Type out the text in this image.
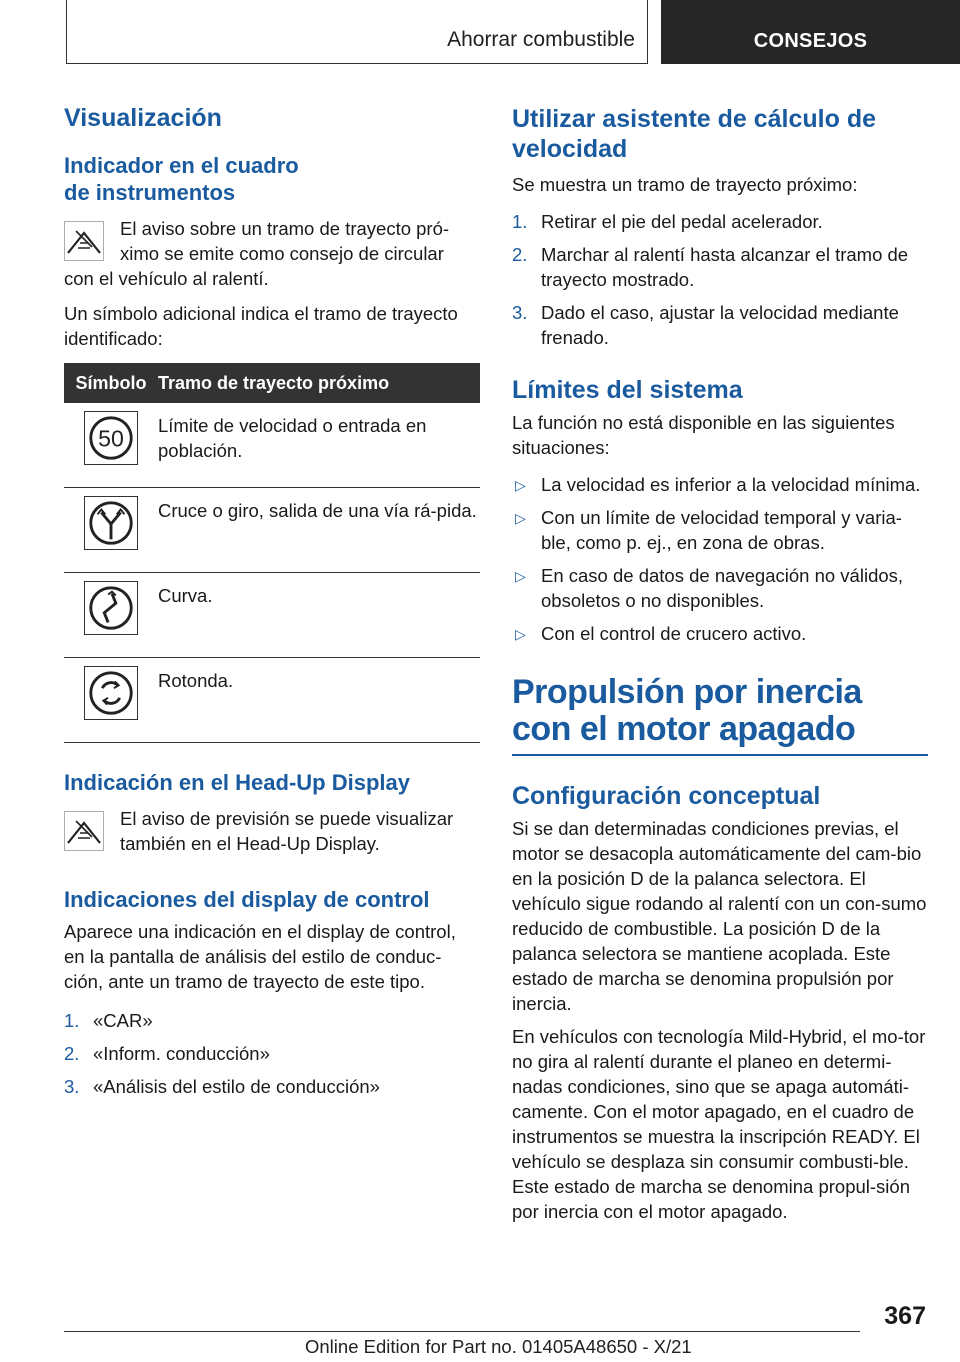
Ahorrar combustible	CONSEJOS
Visualización
Indicador en el cuadro
de instrumentos

El aviso sobre un tramo de trayecto pró-
ximo se emite como consejo de circular

con el vehículo al ralentí.

Un símbolo adicional indica el tramo de trayecto identificado:

Símbolo	Tramo de trayecto próximo

50	Límite de velocidad o entrada en población.
	Cruce o giro, salida de una vía rá-pida.
	Curva.
	Rotonda.
Indicación en el Head-Up Display

El aviso de previsión se puede visualizar también en el Head-Up Display.

Indicaciones del display de control

Aparece una indicación en el display de control, en la pantalla de análisis del estilo de conduc-ción, ante un tramo de trayecto de este tipo.

1. «CAR»
2. «Inform. conducción»
3. «Análisis del estilo de conducción»
Utilizar asistente de cálculo de velocidad

Se muestra un tramo de trayecto próximo:

1. Retirar el pie del pedal acelerador.
2. Marchar al ralentí hasta alcanzar el tramo de trayecto mostrado.
3. Dado el caso, ajustar la velocidad mediante frenado.
Límites del sistema

La función no está disponible en las siguientes situaciones:

▷ La velocidad es inferior a la velocidad mínima.
▷ Con un límite de velocidad temporal y varia-ble, como p. ej., en zona de obras.
▷ En caso de datos de navegación no válidos, obsoletos o no disponibles.
▷ Con el control de crucero activo.
Propulsión por inercia con el motor apagado
Configuración conceptual

Si se dan determinadas condiciones previas, el motor se desacopla automáticamente del cam-bio en la posición D de la palanca selectora. El vehículo sigue rodando al ralentí con un con-sumo reducido de combustible. La posición D de la palanca selectora se mantiene acoplada. Este estado de marcha se denomina propulsión por inercia.

En vehículos con tecnología Mild-Hybrid, el mo-tor no gira al ralentí durante el planeo en determi-nadas condiciones, sino que se apaga automáti-camente. Con el motor apagado, en el cuadro de instrumentos se muestra la inscripción READY. El vehículo se desplaza sin consumir combusti-ble. Este estado de marcha se denomina propul-sión por inercia con el motor apagado.

367
Online Edition for Part no. 01405A48650 - X/21
